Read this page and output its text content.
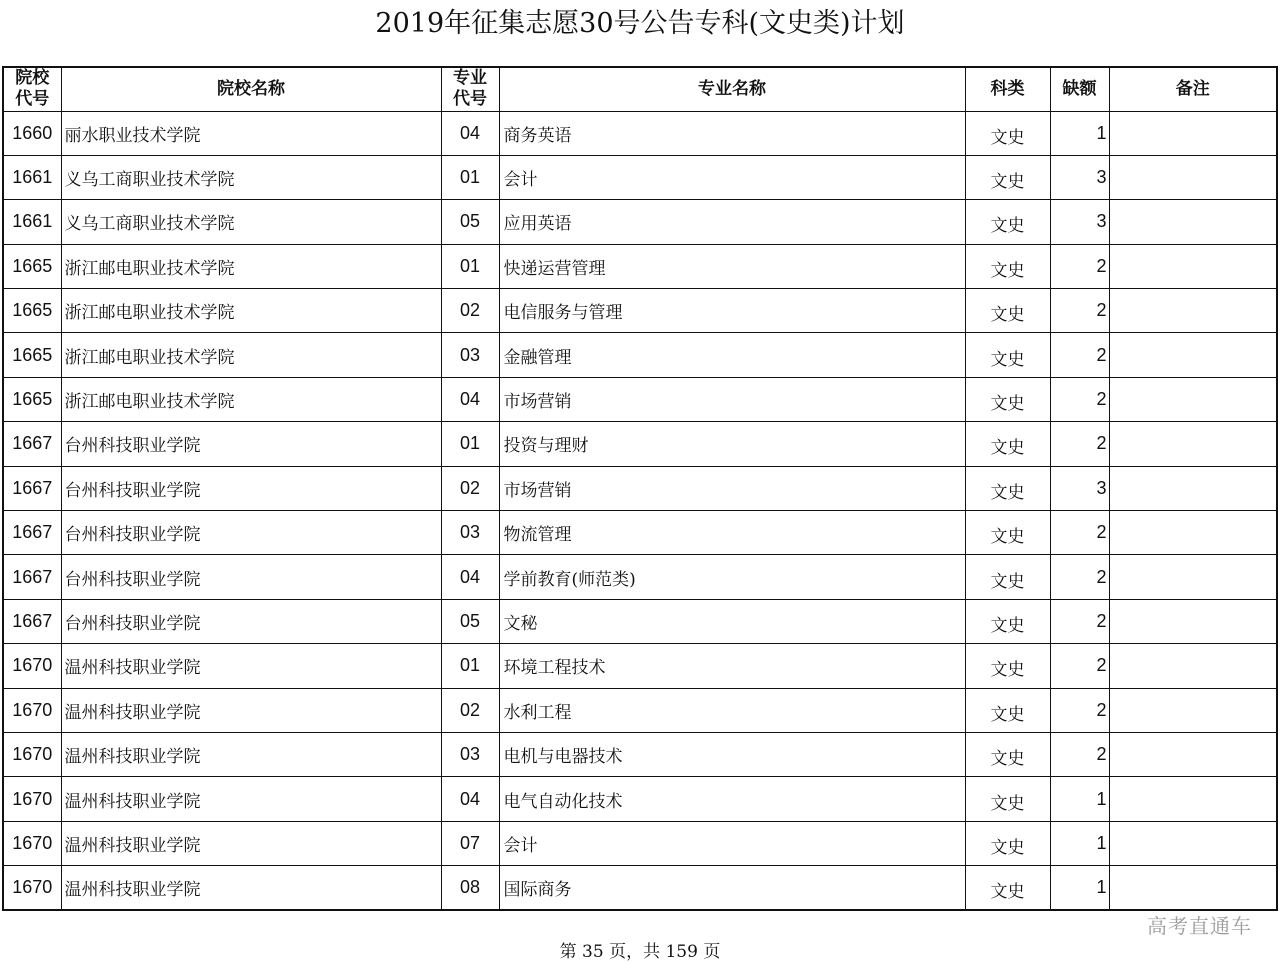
2019年征集志愿30号公告专科(文史类)计划
院校代号	院校名称	专业代号	专业名称	科类	缺额	备注
1660	丽水职业技术学院	04	商务英语	文史	1	
1661	义乌工商职业技术学院	01	会计	文史	3	
1661	义乌工商职业技术学院	05	应用英语	文史	3	
1665	浙江邮电职业技术学院	01	快递运营管理	文史	2	
1665	浙江邮电职业技术学院	02	电信服务与管理	文史	2	
1665	浙江邮电职业技术学院	03	金融管理	文史	2	
1665	浙江邮电职业技术学院	04	市场营销	文史	2	
1667	台州科技职业学院	01	投资与理财	文史	2	
1667	台州科技职业学院	02	市场营销	文史	3	
1667	台州科技职业学院	03	物流管理	文史	2	
1667	台州科技职业学院	04	学前教育(师范类)	文史	2	
1667	台州科技职业学院	05	文秘	文史	2	
1670	温州科技职业学院	01	环境工程技术	文史	2	
1670	温州科技职业学院	02	水利工程	文史	2	
1670	温州科技职业学院	03	电机与电器技术	文史	2	
1670	温州科技职业学院	04	电气自动化技术	文史	1	
1670	温州科技职业学院	07	会计	文史	1	
1670	温州科技职业学院	08	国际商务	文史	1	
高考直通车
第 35 页，共 159 页
